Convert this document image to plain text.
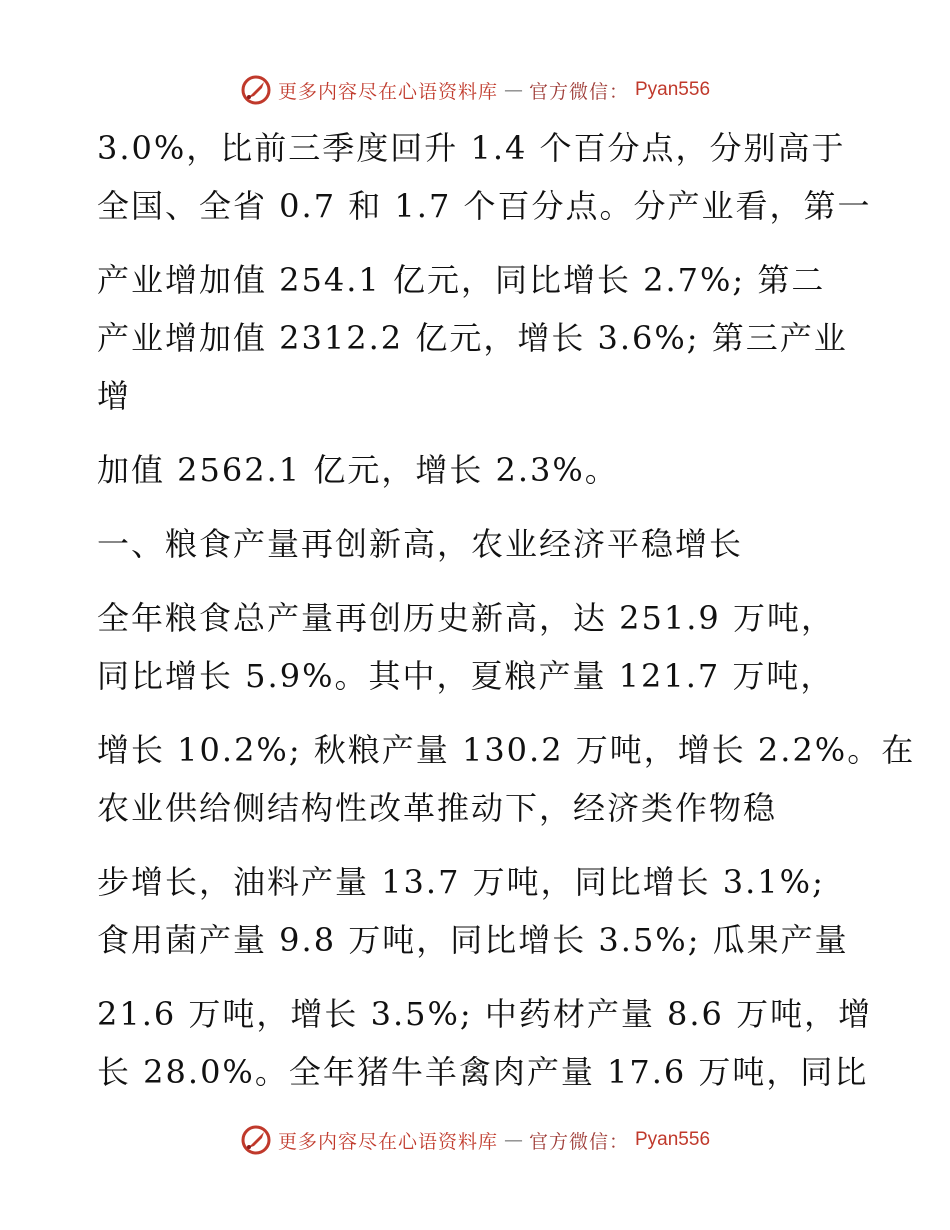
更多内容尽在心语资料库 — 官方微信： Pyan556
3.0%，比前三季度回升 1.4 个百分点，分别高于
全国、全省 0.7 和 1.7 个百分点。分产业看，第一
产业增加值 254.1 亿元，同比增长 2.7%; 第二
产业增加值 2312.2 亿元，增长 3.6%; 第三产业
增
加值 2562.1 亿元，增长 2.3%。
一、粮食产量再创新高，农业经济平稳增长
全年粮食总产量再创历史新高，达 251.9 万吨，
同比增长 5.9%。其中，夏粮产量 121.7 万吨，
增长 10.2%; 秋粮产量 130.2 万吨，增长 2.2%。在
农业供给侧结构性改革推动下，经济类作物稳
步增长，油料产量 13.7 万吨，同比增长 3.1%;
食用菌产量 9.8 万吨，同比增长 3.5%; 瓜果产量
21.6 万吨，增长 3.5%; 中药材产量 8.6 万吨，增
长 28.0%。全年猪牛羊禽肉产量 17.6 万吨，同比
更多内容尽在心语资料库 — 官方微信： Pyan556
